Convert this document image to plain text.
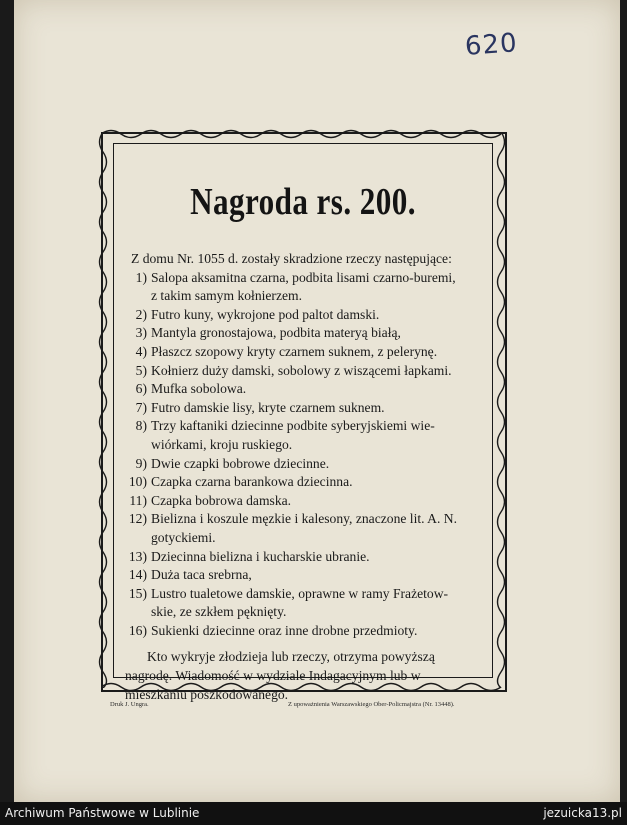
620
Nagroda rs. 200.

Z domu Nr. 1055 d. zostały skradzione rzeczy następujące:

1) Salopa aksamitna czarna, podbita lisami czarno-buremi,
z takim samym kołnierzem.
2) Futro kuny, wykrojone pod paltot damski.
3) Mantyla gronostajowa, podbita materyą białą,
4) Płaszcz szopowy kryty czarnem suknem, z pelerynę.
5) Kołnierz duży damski, sobolowy z wiszącemi łapkami.
6) Mufka sobolowa.
7) Futro damskie lisy, kryte czarnem suknem.
8) Trzy kaftaniki dziecinne podbite syberyjskiemi wie-
wiórkami, kroju ruskiego.
9) Dwie czapki bobrowe dziecinne.
10) Czapka czarna barankowa dziecinna.
11) Czapka bobrowa damska.
12) Bielizna i koszule męzkie i kalesony, znaczone lit. A. N.
gotyckiemi.
13) Dziecinna bielizna i kucharskie ubranie.
14) Duża taca srebrna,
15) Lustro tualetowe damskie, oprawne w ramy Frażetow-
skie, ze szkłem pęknięty.
16) Sukienki dziecinne oraz inne drobne przedmioty.

Kto wykryje złodzieja lub rzeczy, otrzyma powyższą nagrodę. Wiadomość w wydziale Indagacyjnym lub w mieszkaniu poszkodowanego.

Druk J. Ungra.	Z upoważnienia Warszawskiego Ober-Policmajstra (Nr. 13448).
Archiwum Państwowe w Lublinie	jezuicka13.pl
